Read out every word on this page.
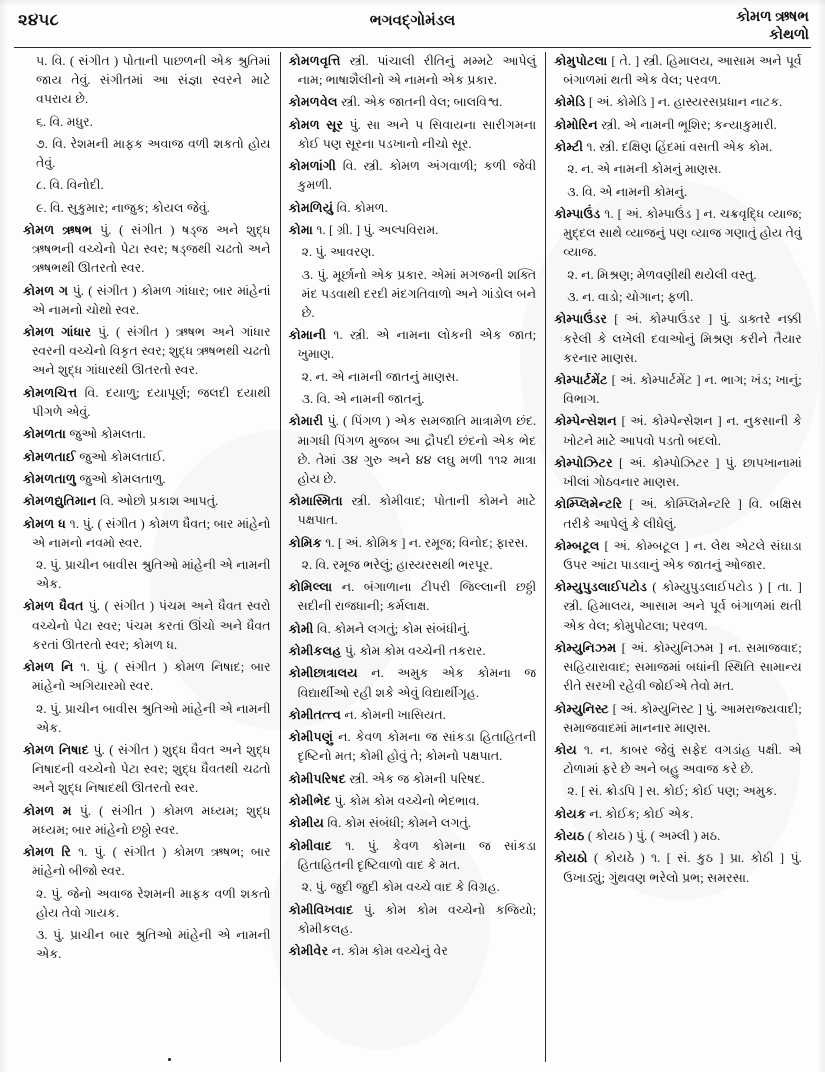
૨૪૫૮	ભગવદ્‌ગોમંડલ	કોમળ ઋષભ
કોથળો

૫. વિ. ( સંગીત ) પોતાની પાછળની એક શ્રુતિમાં જાય તેવું. સંગીતમાં આ સંજ્ઞા સ્વરને માટે વપરાય છે.

૬. વિ. મધુર.

૭. વિ. રેશમની માફક અવાજ વળી શકતો હોય તેવું.

૮. વિ. વિનોદી.

૯. વિ. સુકુમાર; નાજુક; કોયલ જેવું.

કોમળ ઋષભ પું. ( સંગીત ) ષડ્જ અને શુદ્ધ ઋષભની વચ્ચેનો પેટા સ્વર; ષડ્જથી ચઢતો અને ઋષભથી ઊતરતો સ્વર.

કોમળ ગ પું. ( સંગીત ) કોમળ ગાંધાર; બાર માંહેનાં એ નામનો ચોથો સ્વર.

કોમળ ગાંધાર પું. ( સંગીત ) ઋષભ અને ગાંધાર સ્વરની વચ્ચેનો વિકૃત સ્વર; શુદ્ધ ઋષભથી ચઢતો અને શુદ્ધ ગાંધારથી ઊતરતો સ્વર.

કોમળચિત્ત વિ. દયાળુ; દયાપૂર્ણ; જલદી દયાથી પીગળે એવું.

કોમળતા જુઓ કોમલતા.

કોમળતાઈ જુઓ કોમલતાઈ.

કોમળતાળુ જુઓ કોમલતાળુ.

કોમળદ્યુતિમાન વિ. ઓછો પ્રકાશ આપતું.

કોમળ ધ ૧. પું. ( સંગીત ) કોમળ ધૈવત; બાર માંહેનો એ નામનો નવમો સ્વર.

૨. પું. પ્રાચીન બાવીસ શ્રુતિઓ માંહેની એ નામની એક.

કોમળ ધૈવત પું. ( સંગીત ) પંચમ અને ધૈવત સ્વરો વચ્ચેનો પેટા સ્વર; પંચમ કરતાં ઊંચો અને ધૈવત કરતાં ઊતરતો સ્વર; કોમળ ધ.

કોમળ નિ ૧. પું. ( સંગીત ) કોમળ નિષાદ; બાર માંહેનો અગિયારમો સ્વર.

૨. પું. પ્રાચીન બાવીસ શ્રુતિઓ માંહેની એ નામની એક.

કોમળ નિષાદ પું. ( સંગીત ) શુદ્ધ ધૈવત અને શુદ્ધ નિષાદની વચ્ચેનો પેટા સ્વર; શુદ્ધ ધૈવતથી ચઢતો અને શુદ્ધ નિષાદથી ઊતરતો સ્વર.

કોમળ મ પું. ( સંગીત ) કોમળ મધ્યમ; શુદ્ધ મધ્યમ; બાર માંહેનો છઠ્ઠો સ્વર.

કોમળ રિ ૧. પું. ( સંગીત ) કોમળ ઋષભ; બાર માંહેનો બીજો સ્વર.

૨. પું. જેનો અવાજ રેશમની માફક વળી શકતો હોય તેવો ગાયક.

૩. પું. પ્રાચીન બાર શ્રુતિઓ માંહેની એ નામની એક.

કોમળવૃત્તિ સ્ત્રી. પાંચાલી રીતિનું મમ્મટે આપેલું નામ; ભાષાશૈલીનો એ નામનો એક પ્રકાર.

કોમળવેલ સ્ત્રી. એક જાતની વેલ; બાલવિશ્વ.

કોમળ સૂર પું. સા અને પ સિવાયના સારીગમના કોઈ પણ સૂરના પડખાનો નીચો સૂર.

કોમળાંગી વિ. સ્ત્રી. કોમળ અંગવાળી; કળી જેવી કુમળી.

કોમળિયું વિ. કોમળ.

કોમા ૧. [ ગ્રી. ] પું. અલ્પવિરામ.

૨. પું. આવરણ.

૩. પું. મૂર્છાનો એક પ્રકાર. એમાં મગજની શક્તિ મંદ પડવાથી દરદી મંદગતિવાળો અને ગાંડોલ બને છે.

કોમાની ૧. સ્ત્રી. એ નામના લોકની એક જાત; ખુમાણ.

૨. ન. એ નામની જાતનું માણસ.

૩. વિ. એ નામની જાતનું.

કોમારી પું. ( પિંગળ ) એક સમજાતિ માત્રામેળ છંદ. માગધી પિંગળ મુજબ આ દ્રૌપદી છંદનો એક ભેદ છે. તેમાં ૩૪ ગુરુ અને ૪૪ લઘુ મળી ૧૧૨ માત્રા હોય છે.

કોમાસ્મિતા સ્ત્રી. કોમીવાદ; પોતાની કોમને માટે પક્ષપાત.

કોમિક ૧. [ અં. કોમિક ] ન. રમૂજ; વિનોદ; ફારસ.

૨. વિ. રમૂજ ભરેલું; હાસ્યરસથી ભરપૂર.

કોમિલ્લા ન. બંગાળાના ટીપરી જિલ્લાની છઠ્ઠી સદીની રાજધાની; કર્મલાક્ષ.

કોમી વિ. કોમને લગતું; કોમ સંબંધીનું.

કોમીકલહ પું. કોમ કોમ વચ્ચેની તકરાર.

કોમીછાત્રાલય ન. અમુક એક કોમના જ વિદ્યાર્થીઓ રહી શકે એવું વિદ્યાર્થીગૃહ.

કોમીતત્ત્વ ન. કોમની ખાસિયત.

કોમીપણું ન. કેવળ કોમના જ સાંકડા હિતાહિતની દૃષ્ટિનો મત; કોમી હોવું તે; કોમનો પક્ષપાત.

કોમીપરિષદ સ્ત્રી. એક જ કોમની પરિષદ.

કોમીભેદ પું. કોમ કોમ વચ્ચેનો ભેદભાવ.

કોમીય વિ. કોમ સંબંધી; કોમને લગતું.

કોમીવાદ ૧. પું. કેવળ કોમના જ સાંકડા હિતાહિતની દૃષ્ટિવાળો વાદ કે મત.

૨. પું. જુદી જુદી કોમ વચ્ચે વાદ કે વિગ્રહ.

કોમીવિખવાદ પું. કોમ કોમ વચ્ચેનો કજિયો; કોમીકલહ.

કોમીવેર ન. કોમ કોમ વચ્ચેનું વેર

કોમુપોટલા [ તે. ] સ્ત્રી. હિમાલય, આસામ અને પૂર્વ બંગાળમાં થતી એક વેલ; પરવળ.

કોમેડિ [ અં. કોમેડિ ] ન. હાસ્યરસપ્રધાન નાટક.

કોમોરિન સ્ત્રી. એ નામની ભૂશિર; કન્યાકુમારી.

કોમ્ટી ૧. સ્ત્રી. દક્ષિણ હિંદમાં વસતી એક કોમ.

૨. ન. એ નામની કોમનું માણસ.

૩. વિ. એ નામની કોમનું.

કોમ્પાઉંડ ૧. [ અં. કોમ્પાઉંડ ] ન. ચક્રવૃદ્ધિ વ્યાજ; મુદ્દલ સાથે વ્યાજનું પણ વ્યાજ ગણાતું હોય તેવું વ્યાજ.

૨. ન. મિશ્રણ; મેળવણીથી થયેલી વસ્તુ.

૩. ન. વાડો; ચોગાન; ફળી.

કોમ્પાઉંડર [ અં. કોમ્પાઉંડર ] પું. ડાક્તરે નક્કી કરેલી કે લખેલી દવાઓનું મિશ્રણ કરીને તૈયાર કરનાર માણસ.

કોમ્પાર્ટમેંટ [ અં. કોમ્પાર્ટમેંટ ] ન. ભાગ; ખંડ; ખાનું; વિભાગ.

કોમ્પેન્સેશન [ અં. કોમ્પેન્સેશન ] ન. નુકસાની કે ખોટને માટે આપવો પડતો બદલો.

કોમ્પોઝિટર [ અં. કોમ્પોઝિટર ] પું. છાપખાનામાં ખીલાં ગોઠવનાર માણસ.

કોમ્પ્લિમેન્ટરિ [ અં. કોમ્પ્લિમેન્ટરિ ] વિ. બક્ષિસ તરીકે આપેલું કે લીધેલું.

કોમ્બટૂલ [ અં. કોમ્બટૂલ ] ન. લેથ એટલે સંઘાડા ઉપર આંટા પાડવાનું એક જાતનું ઓજાર.

કોમ્યુપુડલાઈપટોડ ( કોમ્યુપુડલાઈપટોડ ) [ તા. ] સ્ત્રી. હિમાલય, આસામ અને પૂર્વ બંગાળમાં થતી એક વેલ; કોમુપોટલા; પરવળ.

કોમ્યુનિઝમ [ અં. કોમ્યુનિઝમ ] ન. સમાજવાદ; સહિયારાવાદ; સમાજમાં બધાંની સ્થિતિ સામાન્ય રીતે સરખી રહેવી જોઈએ તેવો મત.

કોમ્યુનિસ્ટ [ અં. કોમ્યુનિસ્ટ ] પું. આમરાજ્યવાદી; સમાજવાદમાં માનનાર માણસ.

કોય ૧. ન. કાબર જેવું સફેદ વગડાંહ પક્ષી. એ ટોળામાં ફરે છે અને બહુ અવાજ કરે છે.

૨. [ સં. ક્રોડપિ ] સ. કોઈ; કોઈ પણ; અમુક.

કોયક ન. કોઈક; કોઈ એક.

કોયઠ ( કોયઠ ) પું. ( અમ્લી ) મઠ.

કોયઠો ( કોયઠે ) ૧. [ સં. કુઠ ] પ્રા. કોઠી ] પું. ઉખાડ્યું; ગુંથવણ ભરેલો પ્રભ; સમરસા.
